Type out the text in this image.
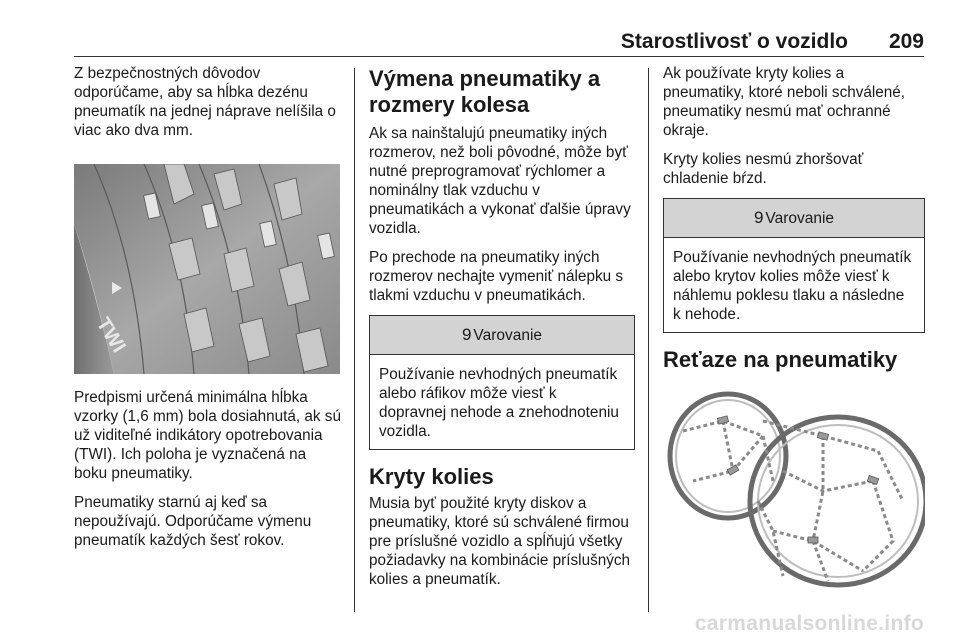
Starostlivosť o vozidlo 209

Z bezpečnostných dôvodov odporúčame, aby sa hĺbka dezénu pneumatík na jednej náprave nelíšila o viac ako dva mm.

TWI

Predpismi určená minimálna hĺbka vzorky (1,6 mm) bola dosiahnutá, ak sú už viditeľné indikátory opotrebovania (TWI). Ich poloha je vyznačená na boku pneumatiky.

Pneumatiky starnú aj keď sa nepoužívajú. Odporúčame výmenu pneumatík každých šesť rokov.

Výmena pneumatiky a rozmery kolesa

Ak sa nainštalujú pneumatiky iných rozmerov, než boli pôvodné, môže byť nutné preprogramovať rýchlomer a nominálny tlak vzduchu v pneumatikách a vykonať ďalšie úpravy vozidla.

Po prechode na pneumatiky iných rozmerov nechajte vymeniť nálepku s tlakmi vzduchu v pneumatikách.

9 Varovanie

Používanie nevhodných pneumatík alebo ráfikov môže viesť k dopravnej nehode a znehodnoteniu vozidla.

Kryty kolies

Musia byť použité kryty diskov a pneumatiky, ktoré sú schválené firmou pre príslušné vozidlo a spĺňujú všetky požiadavky na kombinácie príslušných kolies a pneumatík.

Ak používate kryty kolies a pneumatiky, ktoré neboli schválené, pneumatiky nesmú mať ochranné okraje.

Kryty kolies nesmú zhoršovať chladenie bŕzd.

9 Varovanie

Používanie nevhodných pneumatík alebo krytov kolies môže viesť k náhlemu poklesu tlaku a následne k nehode.

Reťaze na pneumatiky
carmanualsonline.info
